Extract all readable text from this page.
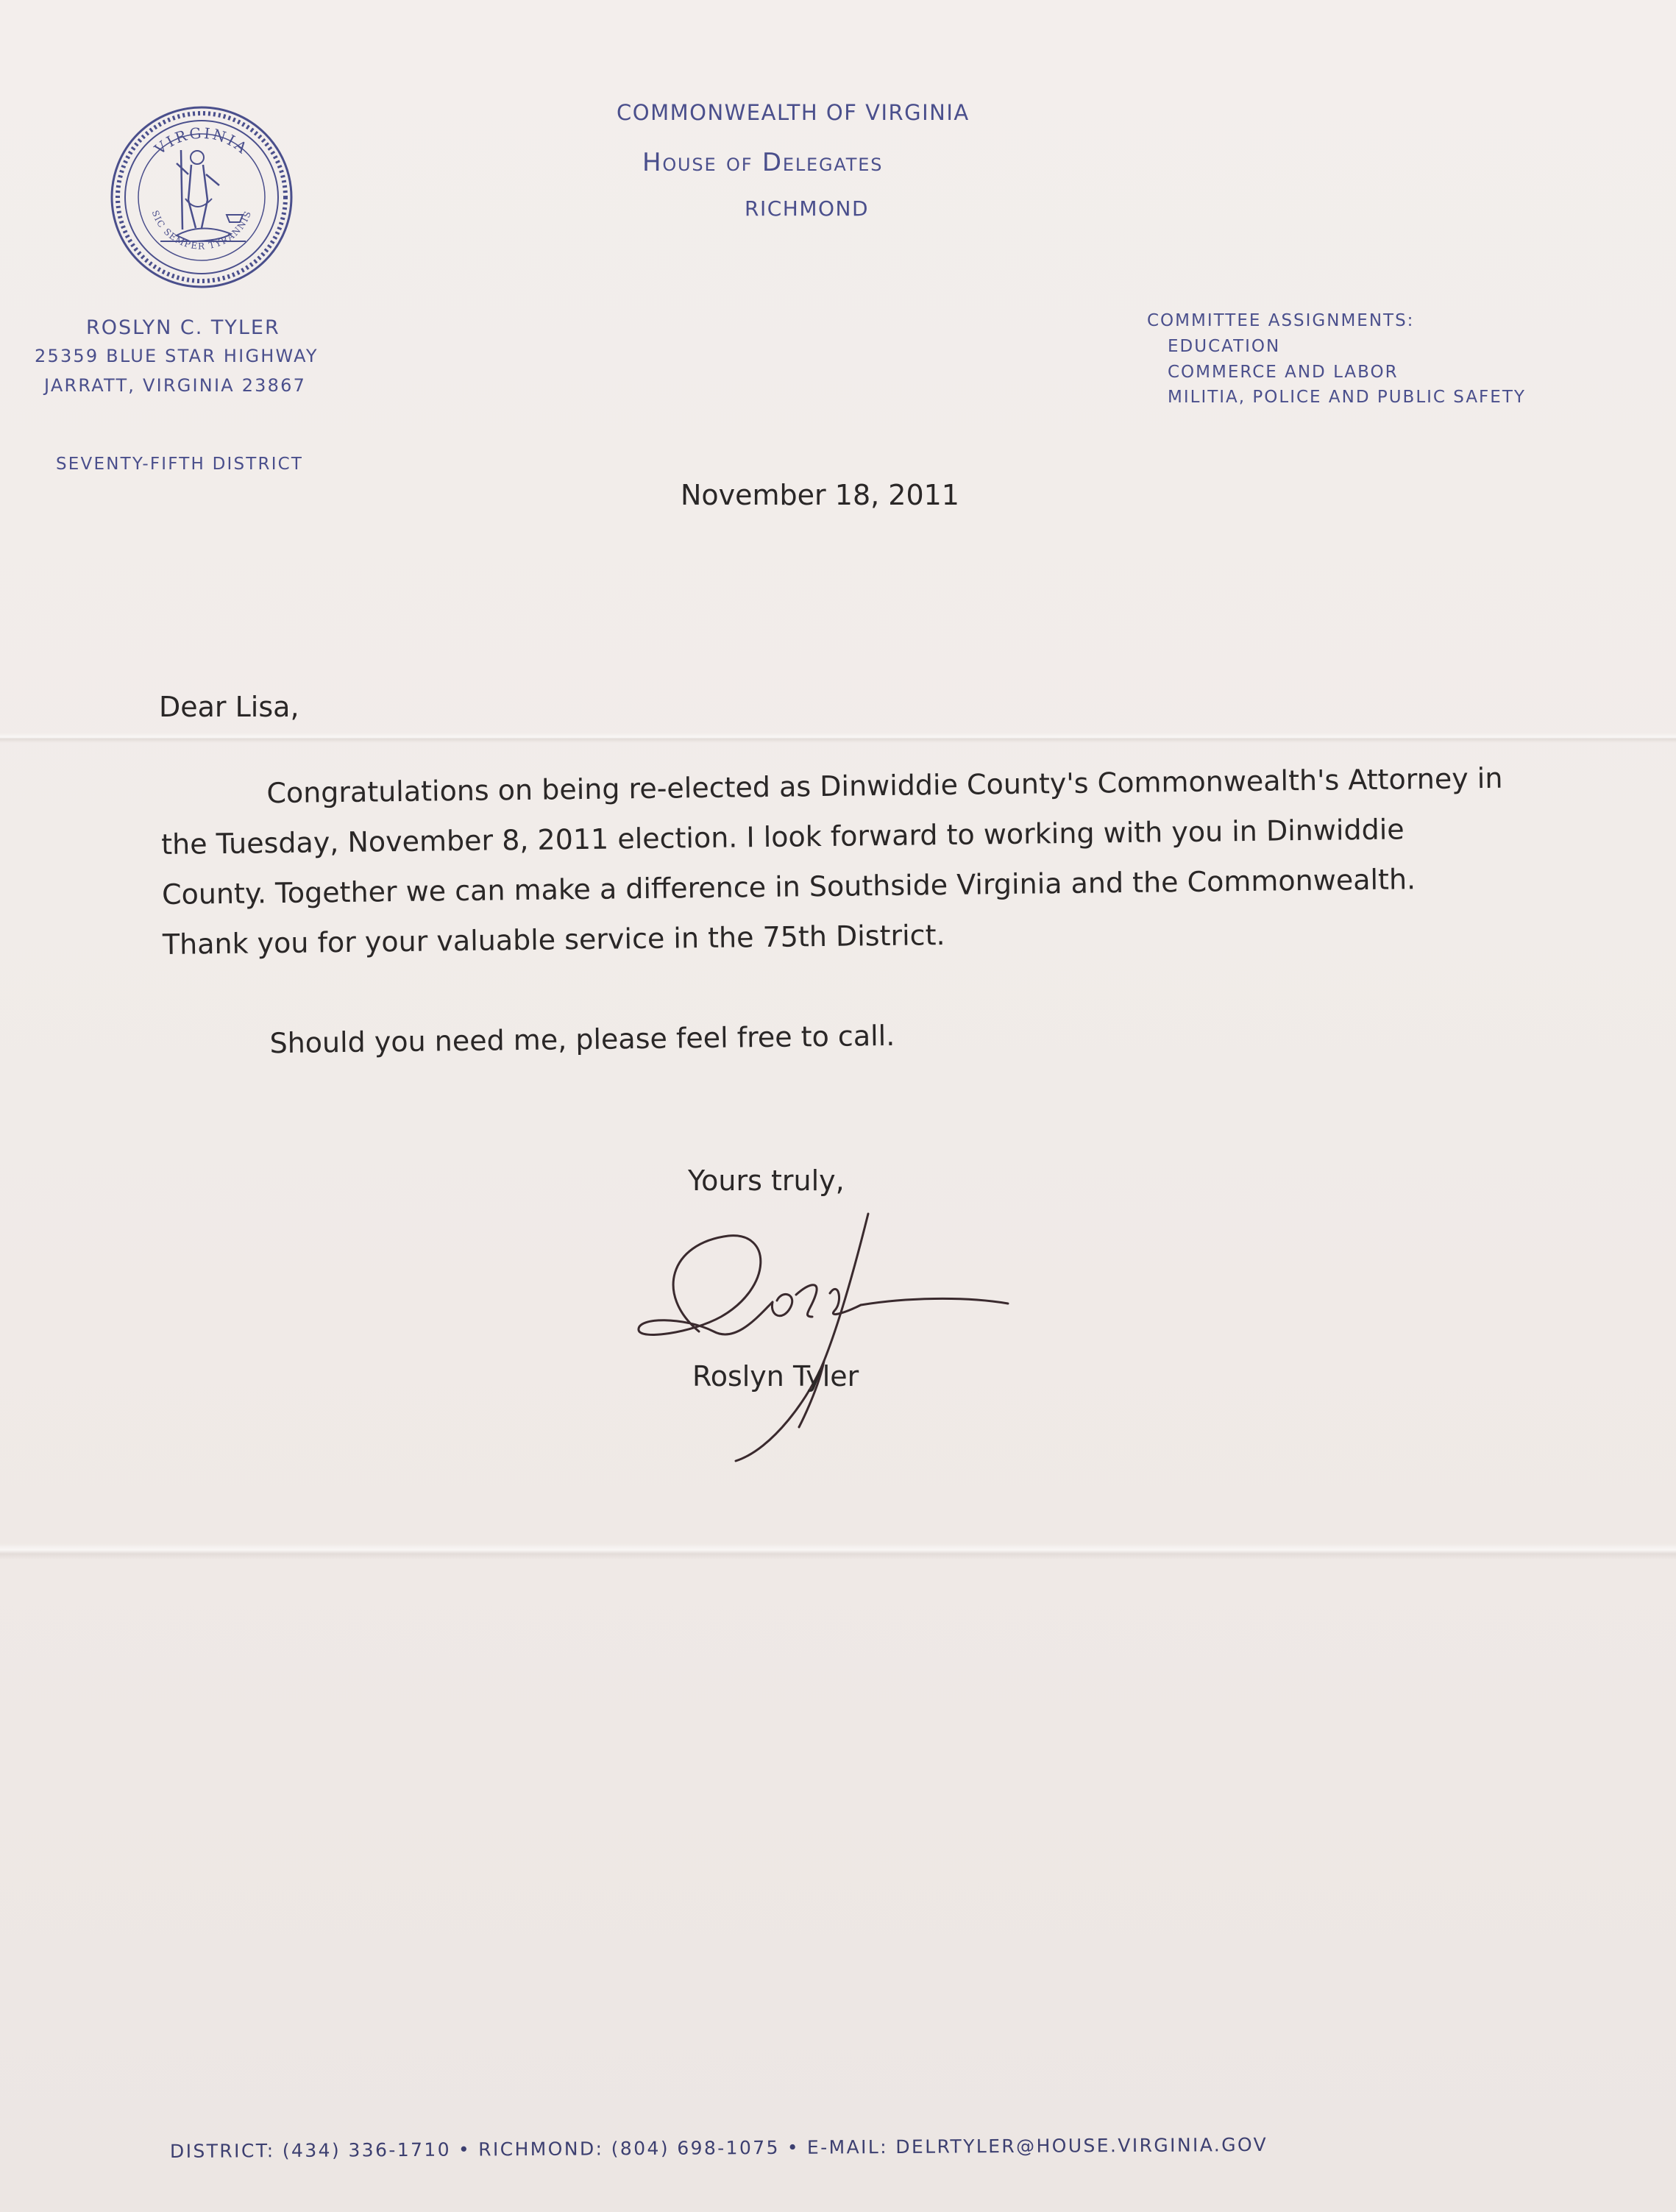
VIRGINIA
SIC SEMPER TYRANNIS
COMMONWEALTH OF VIRGINIA
House of Delegates
RICHMOND
ROSLYN C. TYLER
25359 BLUE STAR HIGHWAY
JARRATT, VIRGINIA 23867
SEVENTY-FIFTH DISTRICT
COMMITTEE ASSIGNMENTS:
EDUCATION
COMMERCE AND LABOR
MILITIA, POLICE AND PUBLIC SAFETY
November 18, 2011
Dear Lisa,
Congratulations on being re-elected as Dinwiddie County's Commonwealth's Attorney in
the Tuesday, November 8, 2011 election. I look forward to working with you in Dinwiddie
County. Together we can make a difference in Southside Virginia and the Commonwealth.
Thank you for your valuable service in the 75th District.
Should you need me, please feel free to call.
Yours truly,
Roslyn Tyler
DISTRICT: (434) 336-1710 • RICHMOND: (804) 698-1075 • E-MAIL: DELRTYLER@HOUSE.VIRGINIA.GOV
